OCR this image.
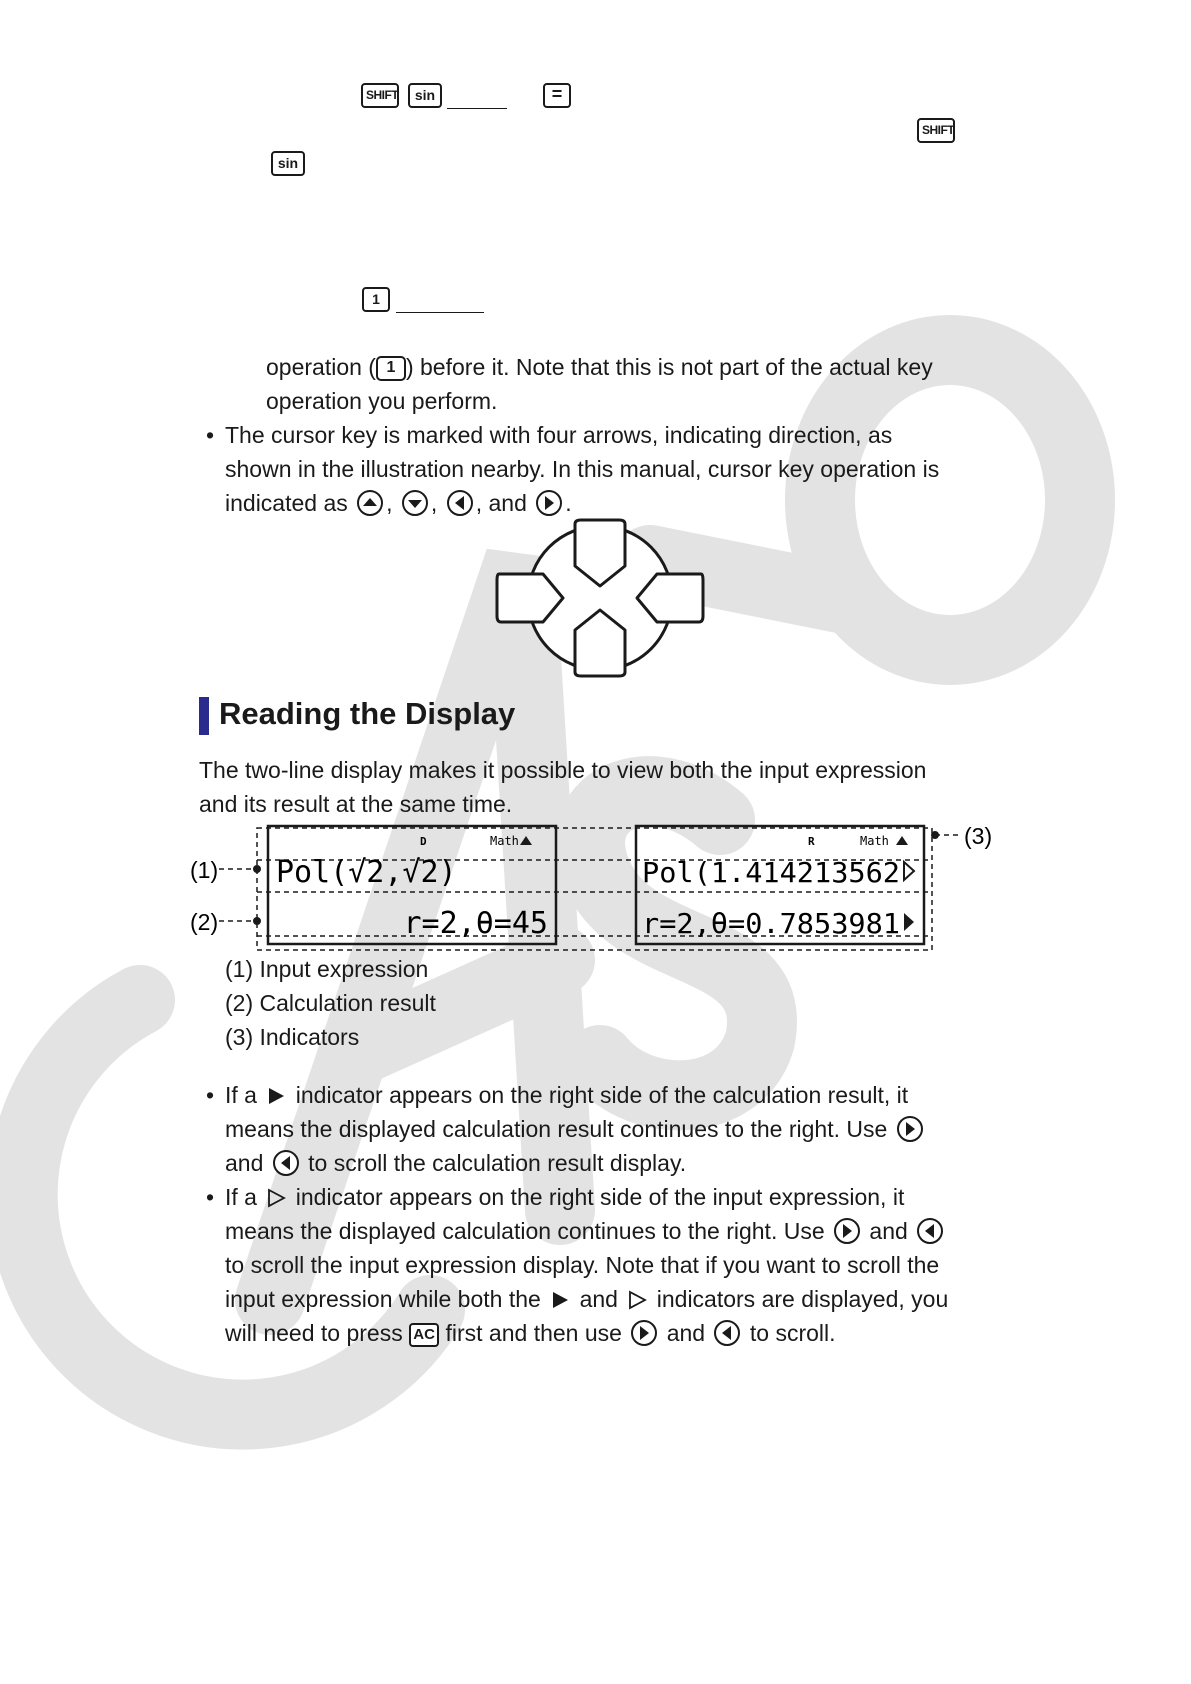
SHIFT	sin	=
SHIFT
sin
1
operation ( 1 ) before it. Note that this is not part of the actual key
operation you perform.
• The cursor key is marked with four arrows, indicating direction, as
shown in the illustration nearby. In this manual, cursor key operation is
indicated as , , , and .
Reading the Display
The two-line display makes it possible to view both the input expression
and its result at the same time.
D	Math
Pol(√2,√2)
r=2,θ=45
R	Math
Pol(1.414213562
r=2,θ=0.7853981
(1)
(2)
(3)
(1) Input expression
(2) Calculation result
(3) Indicators
• If a indicator appears on the right side of the calculation result, it
means the displayed calculation result continues to the right. Use
and to scroll the calculation result display.
• If a indicator appears on the right side of the input expression, it
means the displayed calculation continues to the right. Use and
to scroll the input expression display. Note that if you want to scroll the
input expression while both the and indicators are displayed, you
will need to press AC first and then use and to scroll.
